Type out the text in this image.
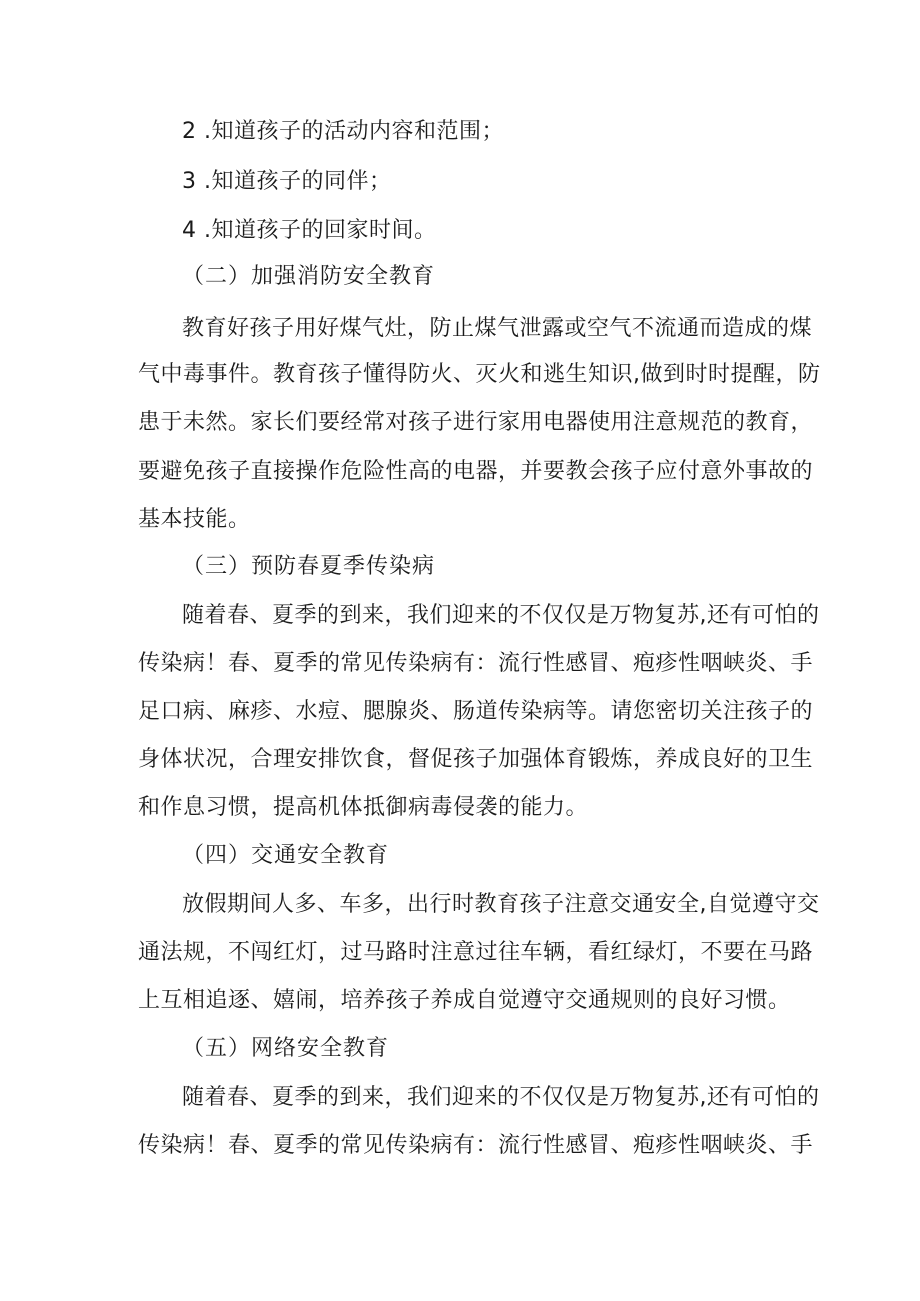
2 .知道孩子的活动内容和范围；
3 .知道孩子的同伴；
4 .知道孩子的回家时间。
（二）加强消防安全教育
教育好孩子用好煤气灶，防止煤气泄露或空气不流通而造成的煤
气中毒事件。教育孩子懂得防火、灭火和逃生知识,做到时时提醒，防
患于未然。家长们要经常对孩子进行家用电器使用注意规范的教育，
要避免孩子直接操作危险性高的电器，并要教会孩子应付意外事故的
基本技能。
（三）预防春夏季传染病
随着春、夏季的到来，我们迎来的不仅仅是万物复苏,还有可怕的
传染病！春、夏季的常见传染病有：流行性感冒、疱疹性咽峡炎、手
足口病、麻疹、水痘、腮腺炎、肠道传染病等。请您密切关注孩子的
身体状况，合理安排饮食，督促孩子加强体育锻炼，养成良好的卫生
和作息习惯，提高机体抵御病毒侵袭的能力。
（四）交通安全教育
放假期间人多、车多，出行时教育孩子注意交通安全,自觉遵守交
通法规，不闯红灯，过马路时注意过往车辆，看红绿灯，不要在马路
上互相追逐、嬉闹，培养孩子养成自觉遵守交通规则的良好习惯。
（五）网络安全教育
随着春、夏季的到来，我们迎来的不仅仅是万物复苏,还有可怕的
传染病！春、夏季的常见传染病有：流行性感冒、疱疹性咽峡炎、手
